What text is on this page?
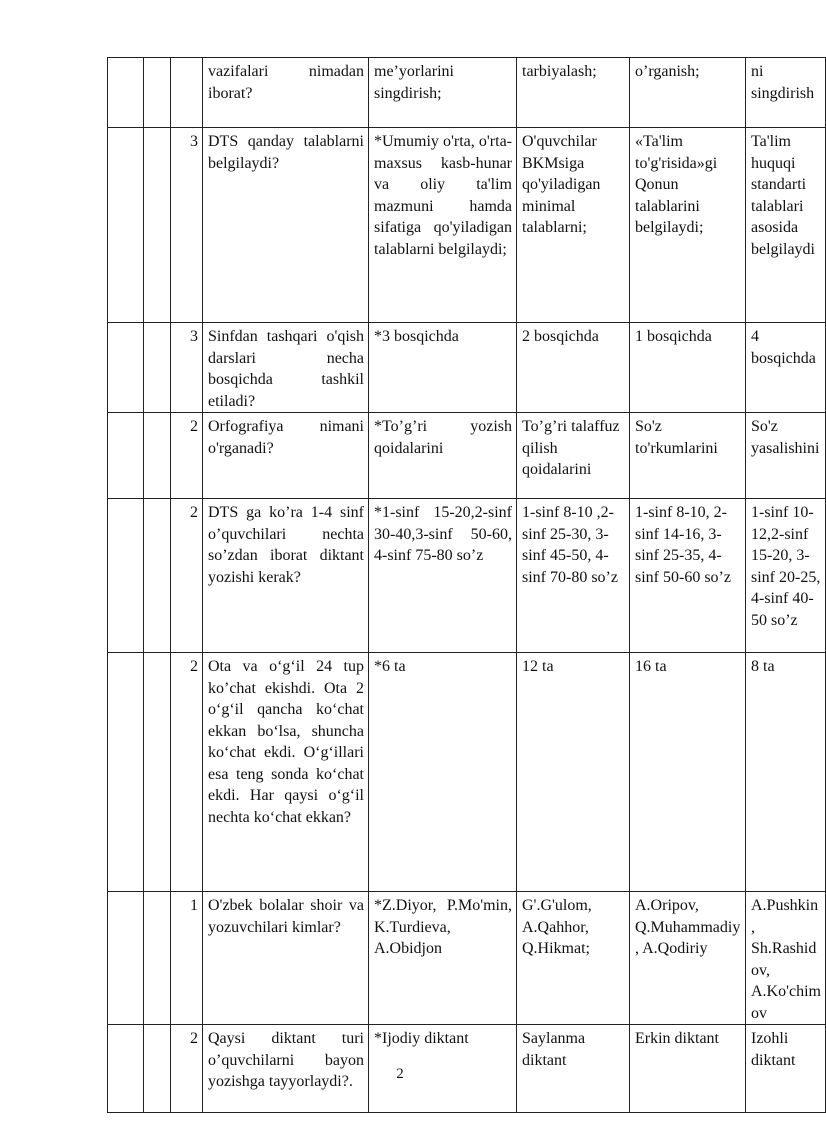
			vazifalari nimadan iborat?	me’yorlarini singdirish;	tarbiyalash;	o’rganish;	ni singdirish
		3	DTS qanday talablarni belgilaydi?	*Umumiy o'rta, o'rta-maxsus kasb-hunar va oliy ta'lim mazmuni hamda sifatiga qo'yiladigan talablarni belgilaydi;	O'quvchilar BKMsiga qo'yiladigan minimal talablarni;	«Ta'lim to'g'risida»gi Qonun talablarini belgilaydi;	Ta'lim huquqi standarti talablari asosida belgilaydi
		3	Sinfdan tashqari o'qish darslari necha bosqichda tashkil etiladi?	*3 bosqichda	2 bosqichda	1 bosqichda	4 bosqichda
		2	Orfografiya nimani o'rganadi?	*To’g’ri yozish qoidalarini	To’g’ri talaffuz qilish qoidalarini	So'z to'rkumlarini	So'z yasalishini
		2	DTS ga ko’ra 1-4 sinf o’quvchilari nechta so’zdan iborat diktant yozishi kerak?	*1-sinf 15-20,2-sinf 30-40,3-sinf 50-60, 4-sinf 75-80 so’z	1-sinf 8-10 ,2-sinf 25-30, 3-sinf 45-50, 4-sinf 70-80 so’z	1-sinf 8-10, 2-sinf 14-16, 3-sinf 25-35, 4-sinf 50-60 so’z	1-sinf 10-12,2-sinf 15-20, 3-sinf 20-25, 4-sinf 40-50 so’z
		2	Ota va o‘g‘il 24 tup ko’chat ekishdi. Ota 2 o‘g‘il qancha ko‘chat ekkan bo‘lsa, shuncha ko‘chat ekdi. O‘g‘illari esa teng sonda ko‘chat ekdi. Har qaysi o‘g‘il nechta ko‘chat ekkan?	*6 ta	12 ta	16 ta	8 ta
		1	O'zbek bolalar shoir va yozuvchilari kimlar?	*Z.Diyor, P.Mo'min, K.Turdieva, A.Obidjon	G'.G'ulom, A.Qahhor, Q.Hikmat;	A.Oripov, Q.Muhammadiy, A.Qodiriy	A.Pushkin, Sh.Rashidov, A.Ko'chimov
		2	Qaysi diktant turi o’quvchilarni bayon yozishga tayyorlaydi?.	*Ijodiy diktant	Saylanma diktant	Erkin diktant	Izohli diktant
2
